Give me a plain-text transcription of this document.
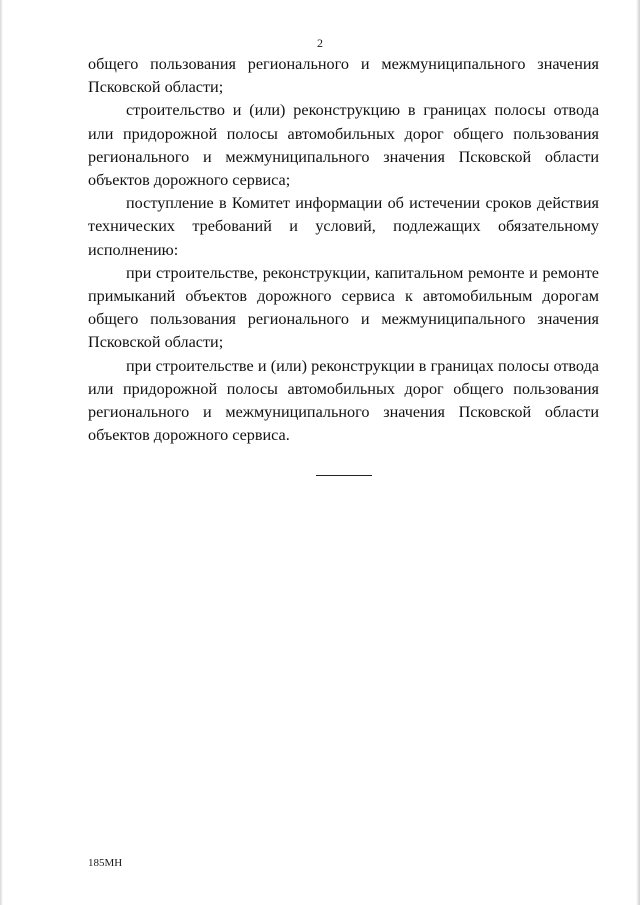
2

общего пользования регионального и межмуниципального значения Псковской области;

строительство и (или) реконструкцию в границах полосы отвода или придорожной полосы автомобильных дорог общего пользования регионального и межмуниципального значения Псковской области объектов дорожного сервиса;

поступление в Комитет информации об истечении сроков действия технических требований и условий, подлежащих обязательному исполнению:

при строительстве, реконструкции, капитальном ремонте и ремонте примыканий объектов дорожного сервиса к автомобильным дорогам общего пользования регионального и межмуниципального значения Псковской области;

при строительстве и (или) реконструкции в границах полосы отвода или придорожной полосы автомобильных дорог общего пользования регионального и межмуниципального значения Псковской области объектов дорожного сервиса.

185МН
